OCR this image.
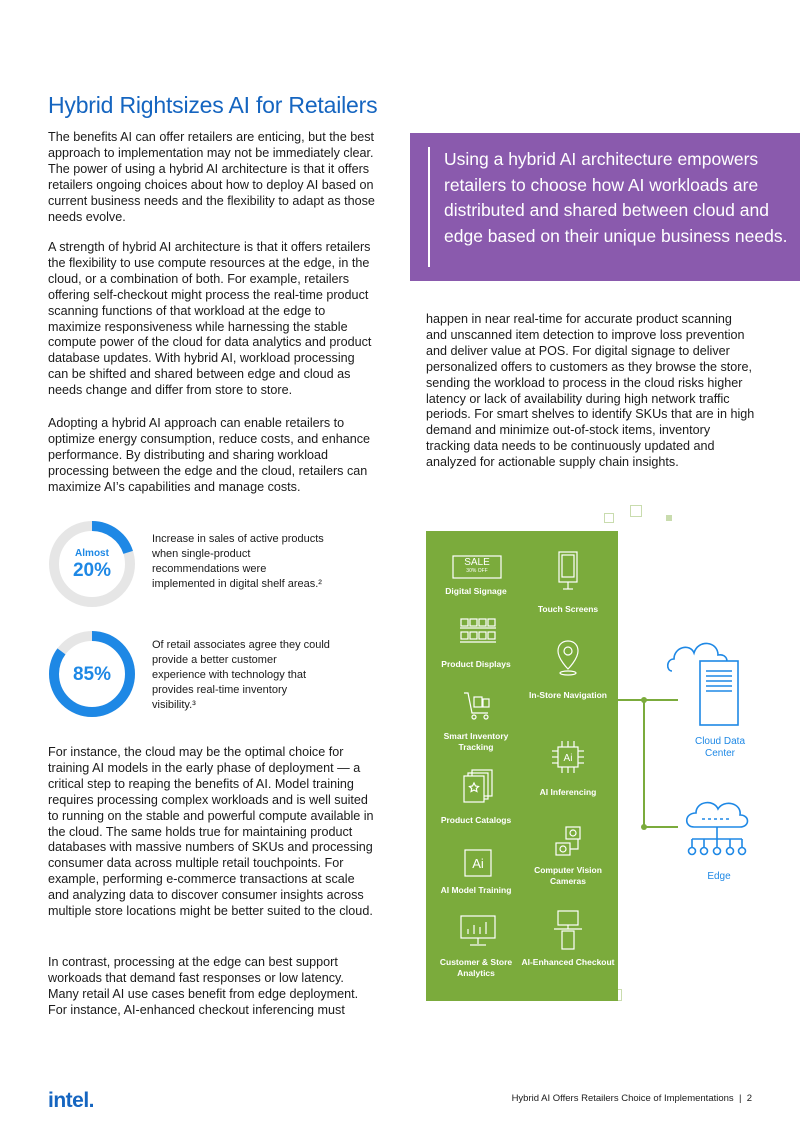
Hybrid Rightsizes AI for Retailers

The benefits AI can offer retailers are enticing, but the best approach to implementation may not be immediately clear. The power of using a hybrid AI architecture is that it offers retailers ongoing choices about how to deploy AI based on current business needs and the flexibility to adapt as those needs evolve.

A strength of hybrid AI architecture is that it offers retailers the flexibility to use compute resources at the edge, in the cloud, or a combination of both. For example, retailers offering self-checkout might process the real-time product scanning functions of that workload at the edge to maximize responsiveness while harnessing the stable compute power of the cloud for data analytics and product database updates. With hybrid AI, workload processing can be shifted and shared between edge and cloud as needs change and differ from store to store.

Adopting a hybrid AI approach can enable retailers to optimize energy consumption, reduce costs, and enhance performance. By distributing and sharing workload processing between the edge and the cloud, retailers can maximize AI’s capabilities and manage costs.

For instance, the cloud may be the optimal choice for training AI models in the early phase of deployment — a critical step to reaping the benefits of AI. Model training requires processing complex workloads and is well suited to running on the stable and powerful compute available in the cloud. The same holds true for maintaining product databases with massive numbers of SKUs and processing consumer data across multiple retail touchpoints. For example, performing e-commerce transactions at scale and analyzing data to discover consumer insights across multiple store locations might be better suited to the cloud.

In contrast, processing at the edge can best support workoads that demand fast responses or low latency. Many retail AI use cases benefit from edge deployment. For instance, AI-enhanced checkout inferencing must

happen in near real-time for accurate product scanning and unscanned item detection to improve loss prevention and deliver value at POS. For digital signage to deliver personalized offers to customers as they browse the store, sending the workload to process in the cloud risks higher latency or lack of availability during high network traffic periods. For smart shelves to identify SKUs that are in high demand and minimize out-of-stock items, inventory tracking data needs to be continuously updated and analyzed for actionable supply chain insights.

Using a hybrid AI architecture empowers retailers to choose how AI workloads are distributed and shared between cloud and edge based on their unique business needs.
Almost
20%
Increase in sales of active products when single-product recommendations were implemented in digital shelf areas.²
85%
Of retail associates agree they could provide a better customer experience with technology that provides real-time inventory visibility.³
SALE
30% OFF
Digital Signage
Product Displays
Smart Inventory Tracking
Product Catalogs
Ai
AI Model Training
Customer & Store Analytics
Touch Screens
In-Store Navigation
Ai
AI Inferencing
Computer Vision Cameras
AI-Enhanced Checkout
Cloud Data Center
Edge
intel.	Hybrid AI Offers Retailers Choice of Implementations  |  2
